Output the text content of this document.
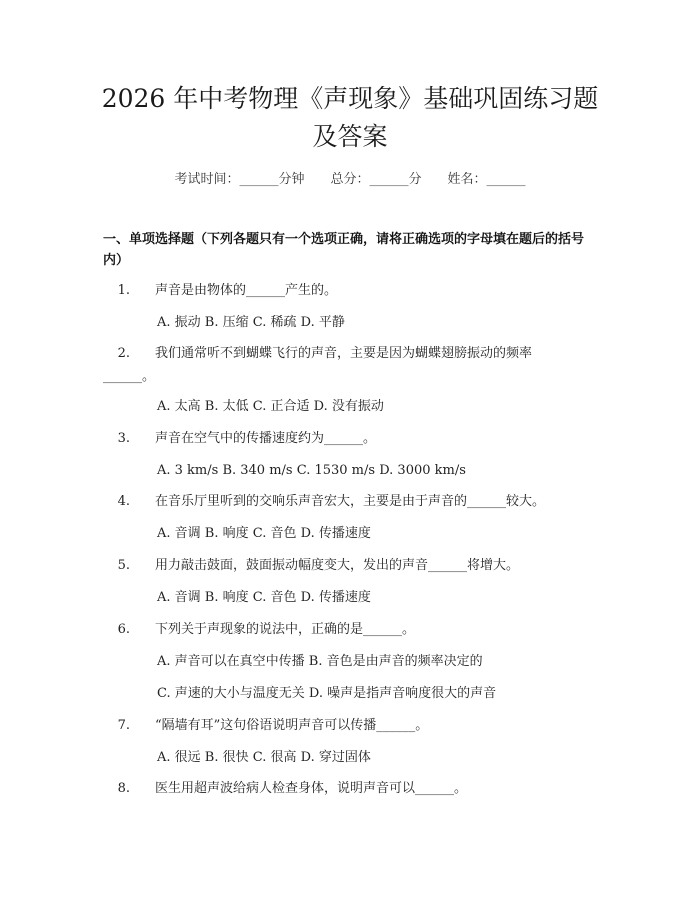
2026 年中考物理《声现象》基础巩固练习题
及答案
考试时间：______分钟 总分：______分 姓名：______
一、单项选择题（下列各题只有一个选项正确，请将正确选项的字母填在题后的括号内）
1. 声音是由物体的______产生的。
A. 振动 B. 压缩 C. 稀疏 D. 平静
2. 我们通常听不到蝴蝶飞行的声音，主要是因为蝴蝶翅膀振动的频率
______。
A. 太高 B. 太低 C. 正合适 D. 没有振动
3. 声音在空气中的传播速度约为______。
A. 3 km/s B. 340 m/s C. 1530 m/s D. 3000 km/s
4. 在音乐厅里听到的交响乐声音宏大，主要是由于声音的______较大。
A. 音调 B. 响度 C. 音色 D. 传播速度
5. 用力敲击鼓面，鼓面振动幅度变大，发出的声音______将增大。
A. 音调 B. 响度 C. 音色 D. 传播速度
6. 下列关于声现象的说法中，正确的是______。
A. 声音可以在真空中传播 B. 音色是由声音的频率决定的
C. 声速的大小与温度无关 D. 噪声是指声音响度很大的声音
7. “隔墙有耳”这句俗语说明声音可以传播______。
A. 很远 B. 很快 C. 很高 D. 穿过固体
8. 医生用超声波给病人检查身体，说明声音可以______。
